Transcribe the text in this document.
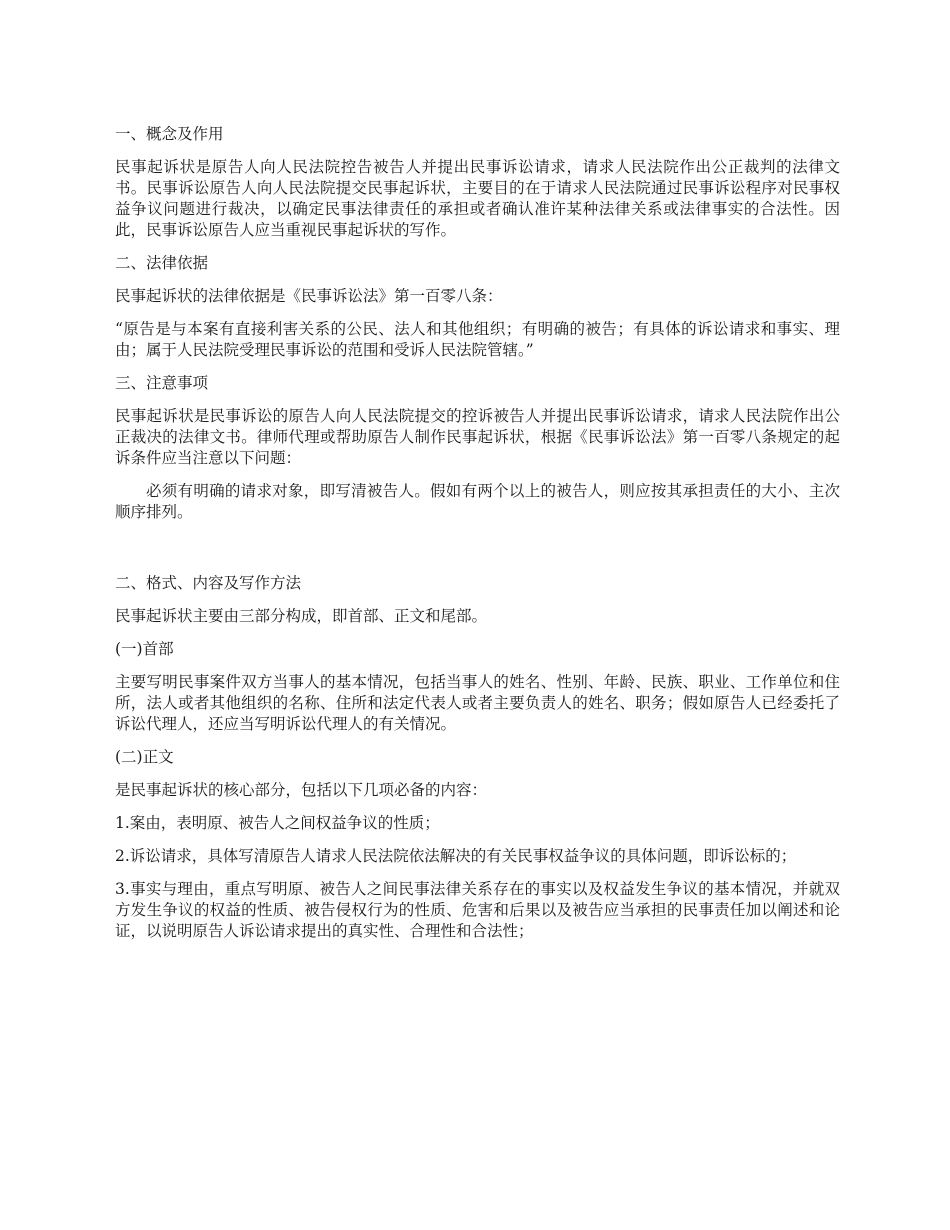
一、概念及作用

民事起诉状是原告人向人民法院控告被告人并提出民事诉讼请求，请求人民法院作出公正裁判的法律文书。民事诉讼原告人向人民法院提交民事起诉状，主要目的在于请求人民法院通过民事诉讼程序对民事权益争议问题进行裁决，以确定民事法律责任的承担或者确认准许某种法律关系或法律事实的合法性。因此，民事诉讼原告人应当重视民事起诉状的写作。

二、法律依据

民事起诉状的法律依据是《民事诉讼法》第一百零八条：

“原告是与本案有直接利害关系的公民、法人和其他组织；有明确的被告；有具体的诉讼请求和事实、理由；属于人民法院受理民事诉讼的范围和受诉人民法院管辖。”

三、注意事项

民事起诉状是民事诉讼的原告人向人民法院提交的控诉被告人并提出民事诉讼请求，请求人民法院作出公正裁决的法律文书。律师代理或帮助原告人制作民事起诉状，根据《民事诉讼法》第一百零八条规定的起诉条件应当注意以下问题：

必须有明确的请求对象，即写清被告人。假如有两个以上的被告人，则应按其承担责任的大小、主次顺序排列。

二、格式、内容及写作方法

民事起诉状主要由三部分构成，即首部、正文和尾部。

(一)首部

主要写明民事案件双方当事人的基本情况，包括当事人的姓名、性别、年龄、民族、职业、工作单位和住所，法人或者其他组织的名称、住所和法定代表人或者主要负责人的姓名、职务；假如原告人已经委托了诉讼代理人，还应当写明诉讼代理人的有关情况。

(二)正文

是民事起诉状的核心部分，包括以下几项必备的内容：

1.案由，表明原、被告人之间权益争议的性质；

2.诉讼请求，具体写清原告人请求人民法院依法解决的有关民事权益争议的具体问题，即诉讼标的；

3.事实与理由，重点写明原、被告人之间民事法律关系存在的事实以及权益发生争议的基本情况，并就双方发生争议的权益的性质、被告侵权行为的性质、危害和后果以及被告应当承担的民事责任加以阐述和论证，以说明原告人诉讼请求提出的真实性、合理性和合法性；
